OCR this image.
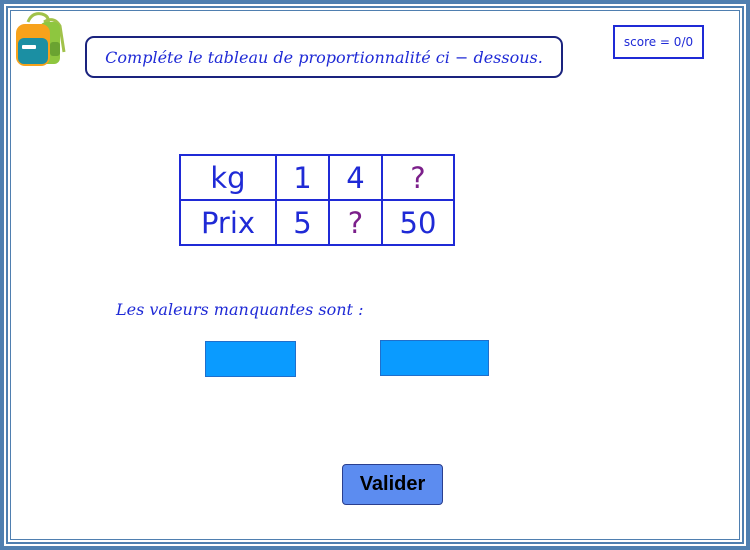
Compléte le tableau de proportionnalité ci − dessous.
score = 0/0
kg	1	4	?
Prix	5	?	50
Les valeurs manquantes sont :
Valider
